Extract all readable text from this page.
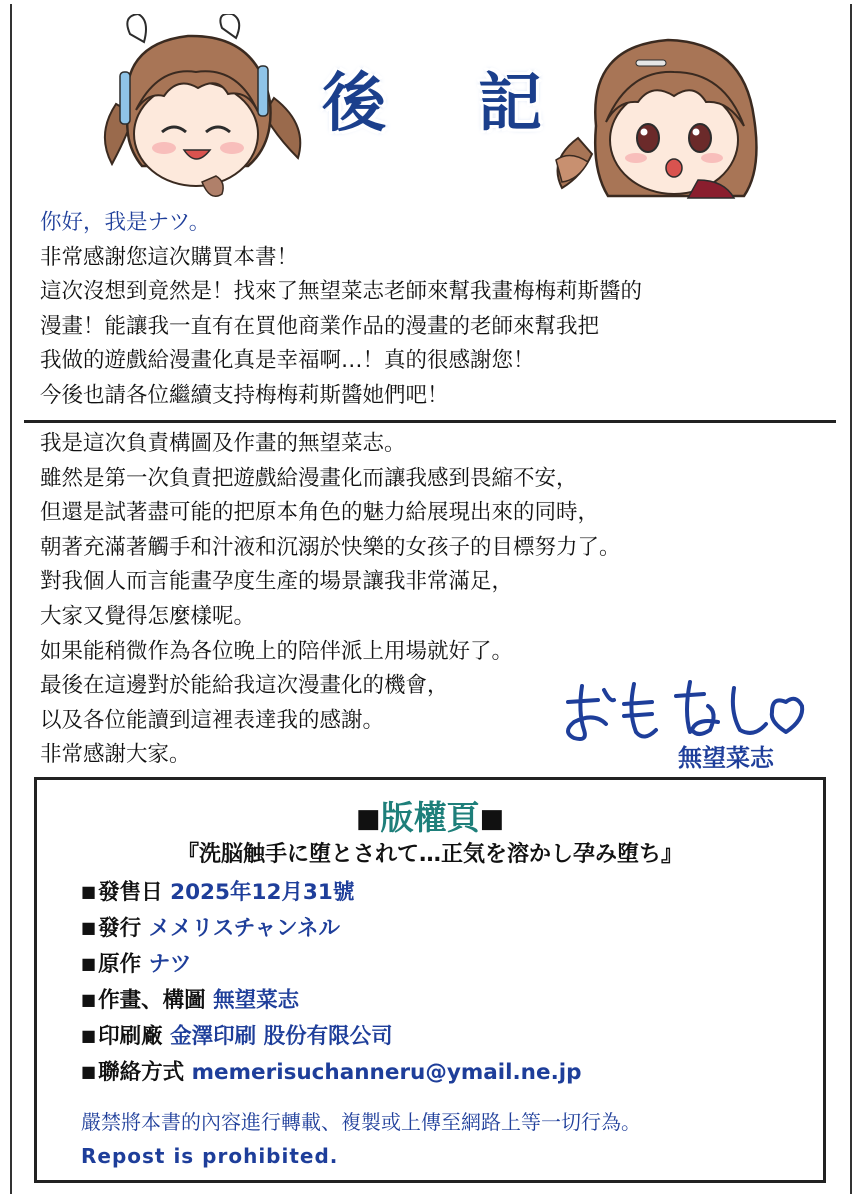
後 記
你好，我是ナツ。
非常感謝您這次購買本書！
這次沒想到竟然是！找來了無望菜志老師來幫我畫梅梅莉斯醬的
漫畫！能讓我一直有在買他商業作品的漫畫的老師來幫我把
我做的遊戲給漫畫化真是幸福啊…！真的很感謝您！
今後也請各位繼續支持梅梅莉斯醬她們吧！
我是這次負責構圖及作畫的無望菜志。
雖然是第一次負責把遊戲給漫畫化而讓我感到畏縮不安，
但還是試著盡可能的把原本角色的魅力給展現出來的同時，
朝著充滿著觸手和汁液和沉溺於快樂的女孩子的目標努力了。
對我個人而言能畫孕度生產的場景讓我非常滿足，
大家又覺得怎麼樣呢。
如果能稍微作為各位晚上的陪伴派上用場就好了。
最後在這邊對於能給我這次漫畫化的機會，
以及各位能讀到這裡表達我的感謝。
非常感謝大家。	無望菜志
■版權頁■
『洗脳触手に堕とされて…正気を溶かし孕み堕ち』
■發售日 2025年12月31號
■發行 メメリスチャンネル
■原作 ナツ
■作畫、構圖 無望菜志
■印刷廠 金澤印刷 股份有限公司
■聯絡方式 memerisuchanneru@ymail.ne.jp
嚴禁將本書的內容進行轉載、複製或上傳至網路上等一切行為。
Repost is prohibited.
